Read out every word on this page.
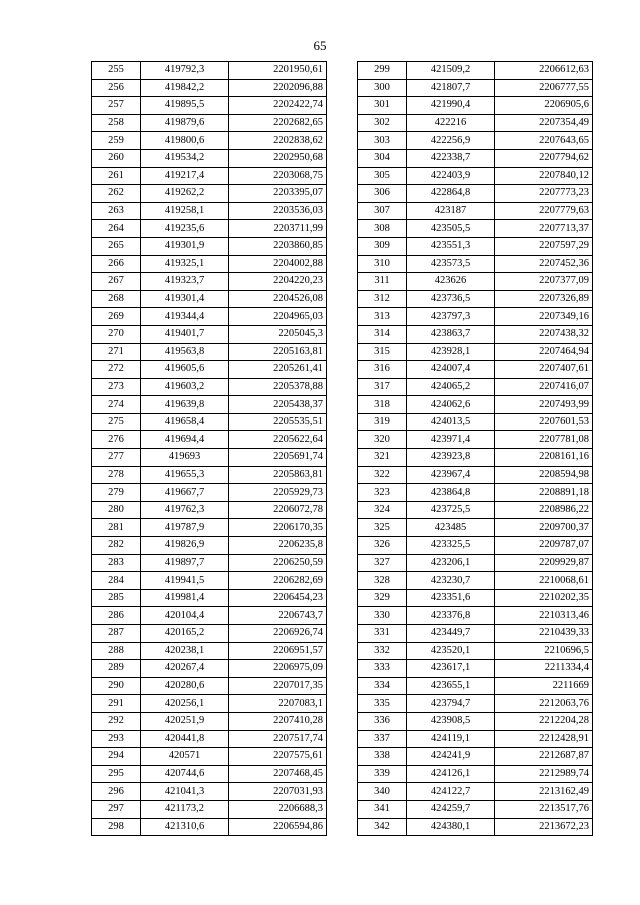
65
255	419792,3	2201950,61
256	419842,2	2202096,88
257	419895,5	2202422,74
258	419879,6	2202682,65
259	419800,6	2202838,62
260	419534,2	2202950,68
261	419217,4	2203068,75
262	419262,2	2203395,07
263	419258,1	2203536,03
264	419235,6	2203711,99
265	419301,9	2203860,85
266	419325,1	2204002,88
267	419323,7	2204220,23
268	419301,4	2204526,08
269	419344,4	2204965,03
270	419401,7	2205045,3
271	419563,8	2205163,81
272	419605,6	2205261,41
273	419603,2	2205378,88
274	419639,8	2205438,37
275	419658,4	2205535,51
276	419694,4	2205622,64
277	419693	2205691,74
278	419655,3	2205863,81
279	419667,7	2205929,73
280	419762,3	2206072,78
281	419787,9	2206170,35
282	419826,9	2206235,8
283	419897,7	2206250,59
284	419941,5	2206282,69
285	419981,4	2206454,23
286	420104,4	2206743,7
287	420165,2	2206926,74
288	420238,1	2206951,57
289	420267,4	2206975,09
290	420280,6	2207017,35
291	420256,1	2207083,1
292	420251,9	2207410,28
293	420441,8	2207517,74
294	420571	2207575,61
295	420744,6	2207468,45
296	421041,3	2207031,93
297	421173,2	2206688,3
298	421310,6	2206594,86
299	421509,2	2206612,63
300	421807,7	2206777,55
301	421990,4	2206905,6
302	422216	2207354,49
303	422256,9	2207643,65
304	422338,7	2207794,62
305	422403,9	2207840,12
306	422864,8	2207773,23
307	423187	2207779,63
308	423505,5	2207713,37
309	423551,3	2207597,29
310	423573,5	2207452,36
311	423626	2207377,09
312	423736,5	2207326,89
313	423797,3	2207349,16
314	423863,7	2207438,32
315	423928,1	2207464,94
316	424007,4	2207407,61
317	424065,2	2207416,07
318	424062,6	2207493,99
319	424013,5	2207601,53
320	423971,4	2207781,08
321	423923,8	2208161,16
322	423967,4	2208594,98
323	423864,8	2208891,18
324	423725,5	2208986,22
325	423485	2209700,37
326	423325,5	2209787,07
327	423206,1	2209929,87
328	423230,7	2210068,61
329	423351,6	2210202,35
330	423376,8	2210313,46
331	423449,7	2210439,33
332	423520,1	2210696,5
333	423617,1	2211334,4
334	423655,1	2211669
335	423794,7	2212063,76
336	423908,5	2212204,28
337	424119,1	2212428,91
338	424241,9	2212687,87
339	424126,1	2212989,74
340	424122,7	2213162,49
341	424259,7	2213517,76
342	424380,1	2213672,23
